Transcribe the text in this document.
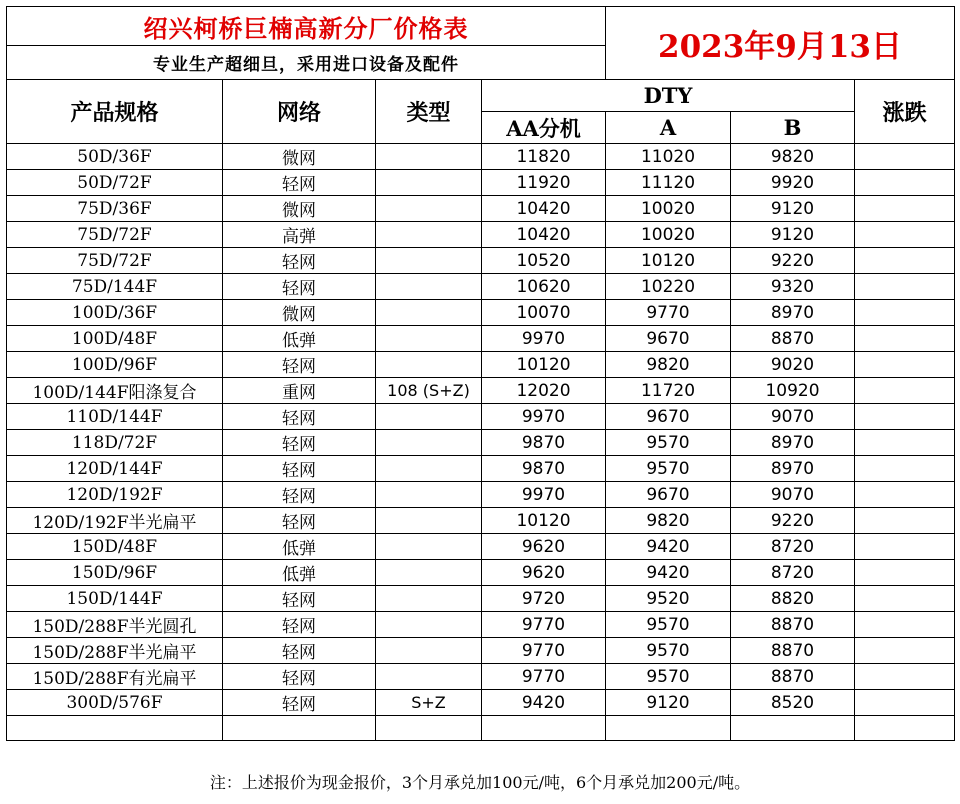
绍兴柯桥巨楠高新分厂价格表				2023年9月13日		
专业生产超细旦，采用进口设备及配件						
产品规格	网络	类型	DTY			涨跌
			AA分机	A	B	
50D/36F	微网		11820	11020	9820	
50D/72F	轻网		11920	11120	9920	
75D/36F	微网		10420	10020	9120	
75D/72F	高弹		10420	10020	9120	
75D/72F	轻网		10520	10120	9220	
75D/144F	轻网		10620	10220	9320	
100D/36F	微网		10070	9770	8970	
100D/48F	低弹		9970	9670	8870	
100D/96F	轻网		10120	9820	9020	
100D/144F阳涤复合	重网	108 (S+Z)	12020	11720	10920	
110D/144F	轻网		9970	9670	9070	
118D/72F	轻网		9870	9570	8970	
120D/144F	轻网		9870	9570	8970	
120D/192F	轻网		9970	9670	9070	
120D/192F半光扁平	轻网		10120	9820	9220	
150D/48F	低弹		9620	9420	8720	
150D/96F	低弹		9620	9420	8720	
150D/144F	轻网		9720	9520	8820	
150D/288F半光圆孔	轻网		9770	9570	8870	
150D/288F半光扁平	轻网		9770	9570	8870	
150D/288F有光扁平	轻网		9770	9570	8870	
300D/576F	轻网	S+Z	9420	9120	8520	

注：上述报价为现金报价，3个月承兑加100元/吨，6个月承兑加200元/吨。
